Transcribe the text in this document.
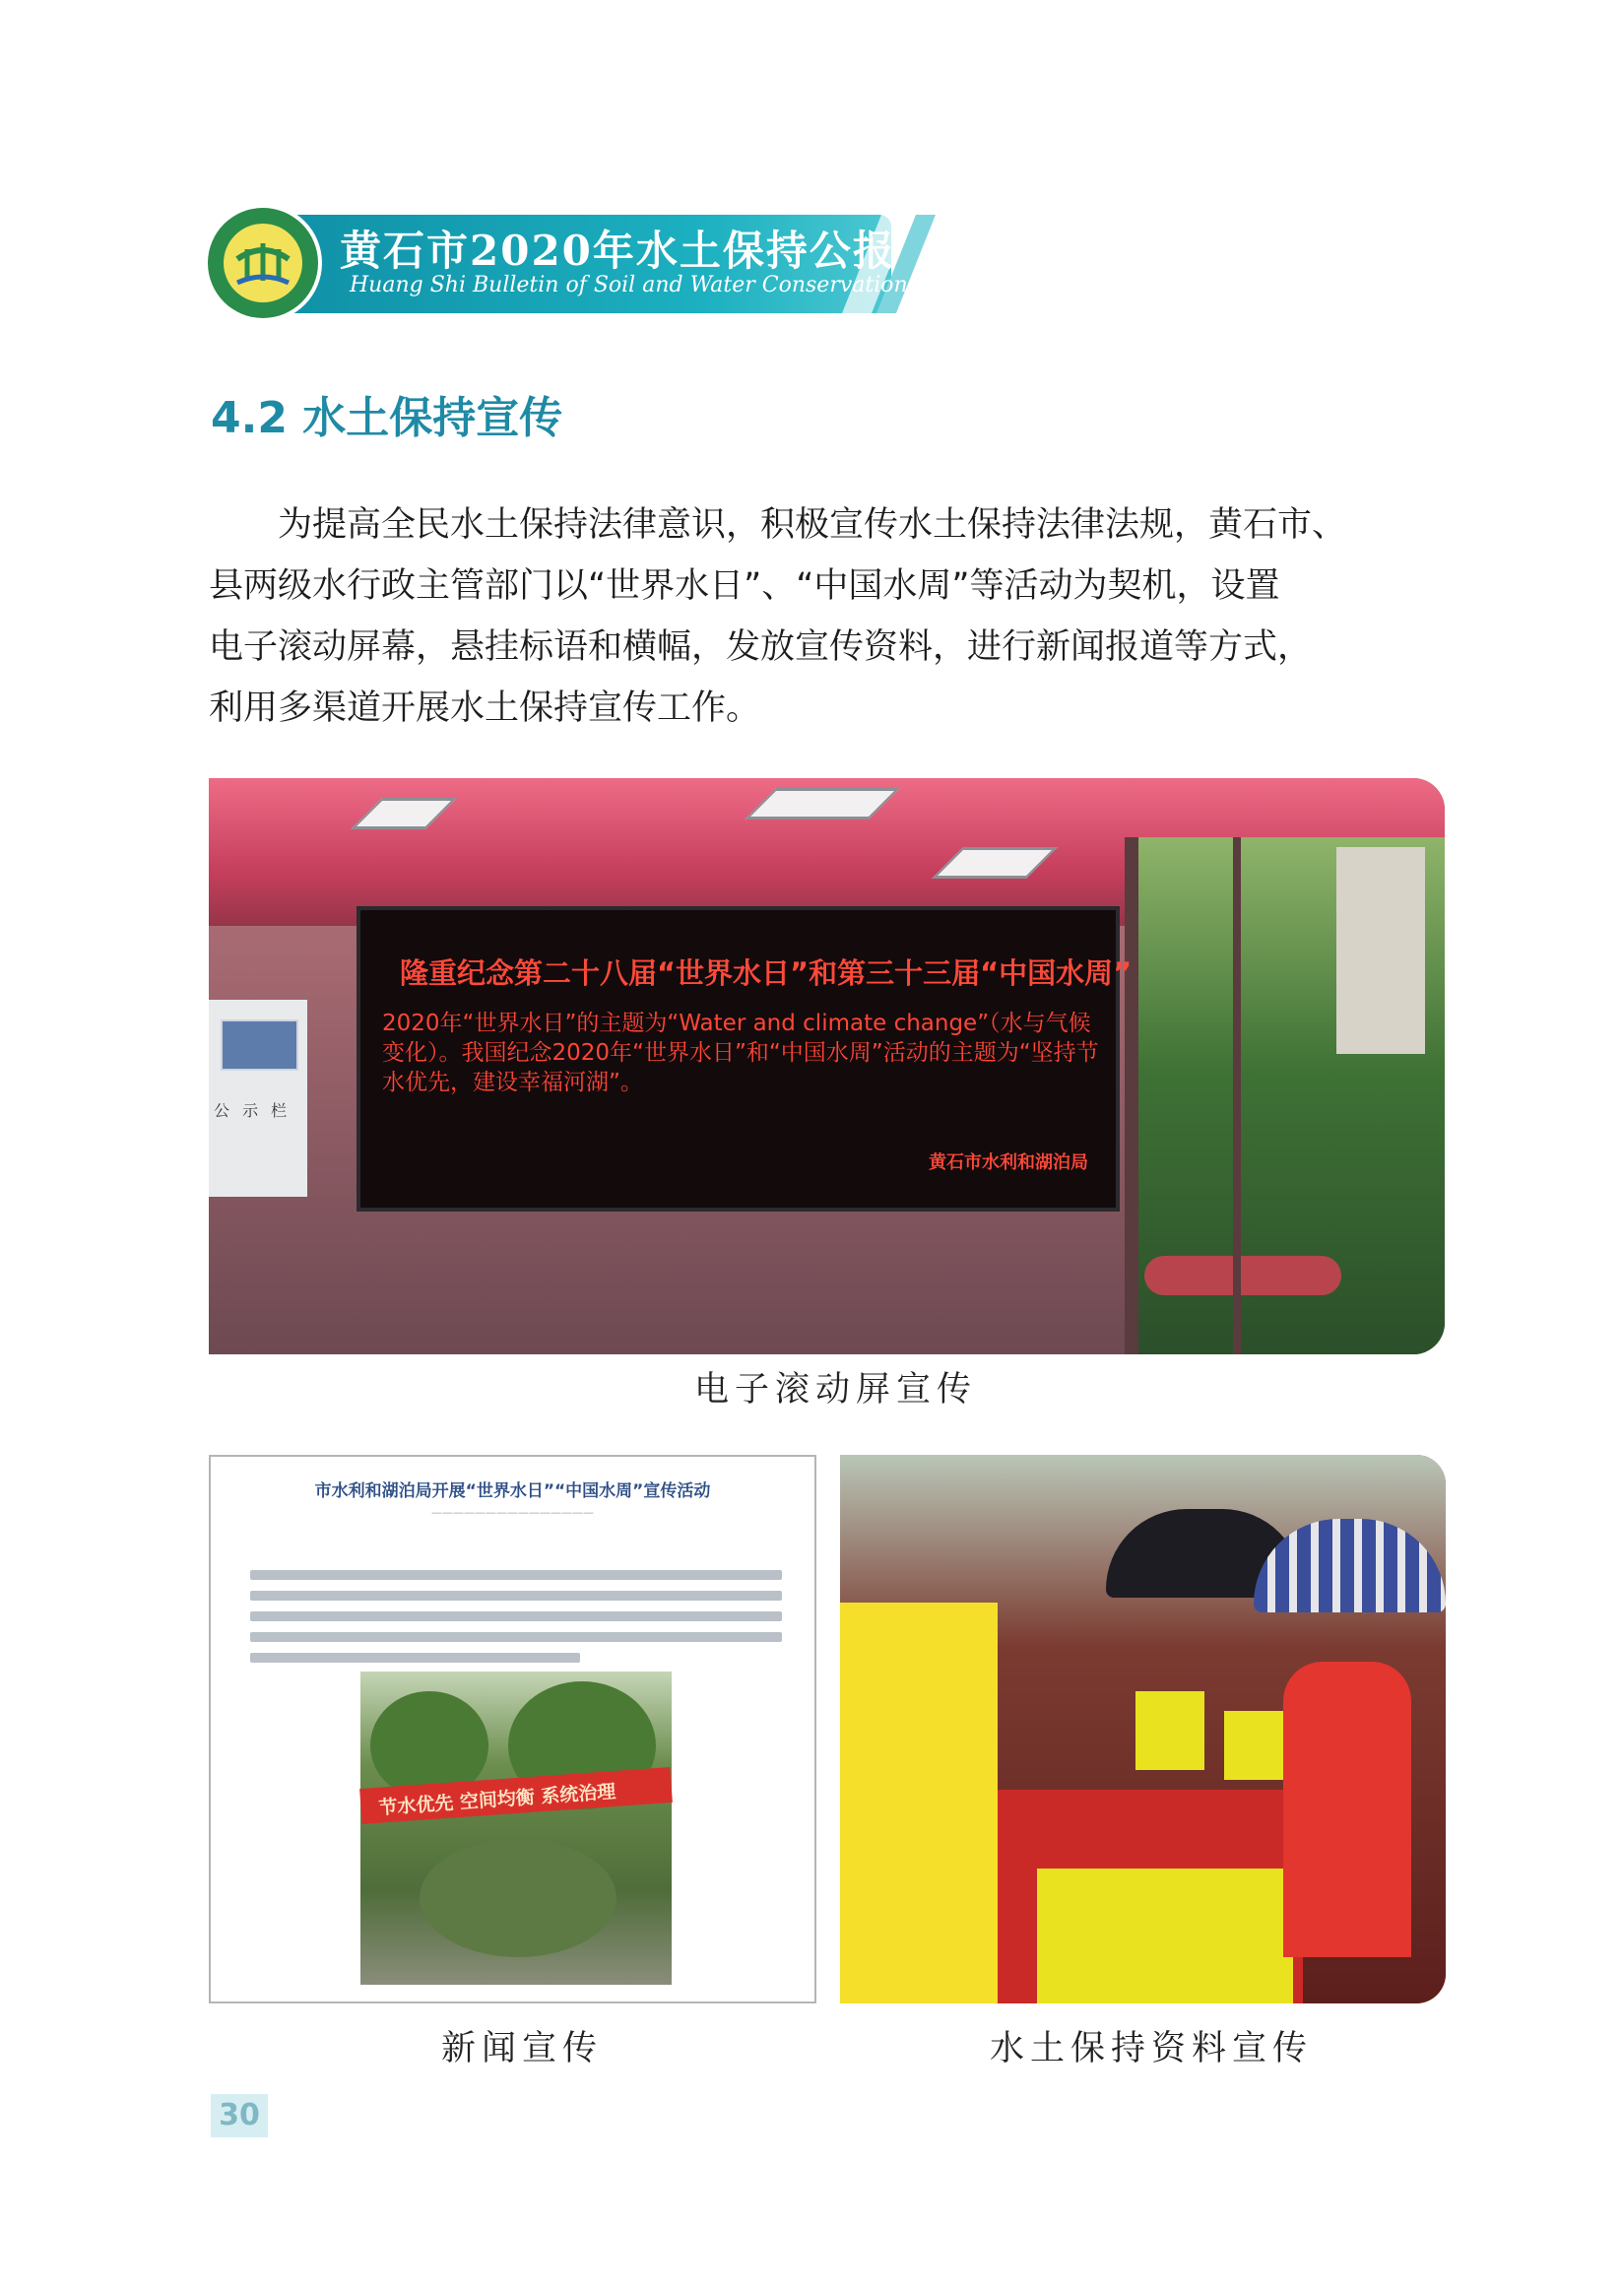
黄石市2020年水土保持公报
Huang Shi Bulletin of Soil and Water Conservation
4.2 水土保持宣传
为提高全民水土保持法律意识，积极宣传水土保持法律法规，黄石市、
县两级水行政主管部门以“世界水日”、“中国水周”等活动为契机，设置
电子滚动屏幕，悬挂标语和横幅，发放宣传资料，进行新闻报道等方式，
利用多渠道开展水土保持宣传工作。
公 示 栏
隆重纪念第二十八届“世界水日”和第三十三届“中国水周”
2020年“世界水日”的主题为“Water and climate change”（水与气候
变化）。我国纪念2020年“世界水日”和“中国水周”活动的主题为“坚持节
水优先，建设幸福河湖”。
黄石市水利和湖泊局
电子滚动屏宣传
市水利和湖泊局开展“世界水日”“中国水周”宣传活动
———————————————
节水优先 空间均衡 系统治理
新闻宣传	水土保持资料宣传
30
